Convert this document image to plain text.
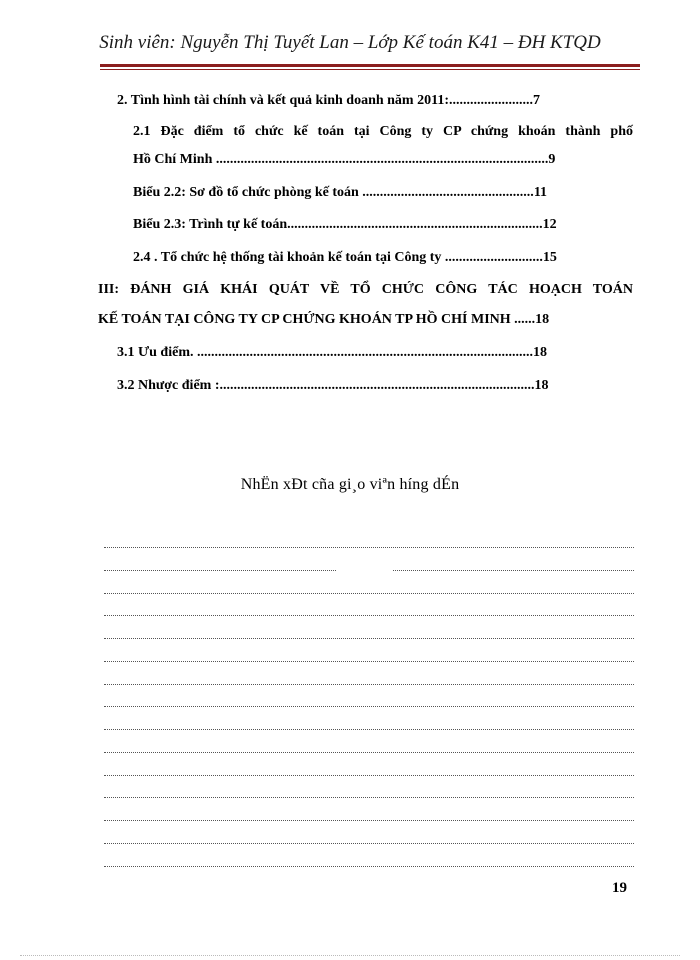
Sinh viên: Nguyễn Thị Tuyết Lan – Lớp Kế toán K41 – ĐH KTQD
2. Tình hình tài chính và kết quả kinh doanh năm 2011:........................7
2.1 Đặc điểm tổ chức kế toán tại Công ty CP chứng khoán thành phố
Hồ Chí Minh ...............................................................................................9
Biểu 2.2: Sơ đồ tổ chức phòng kế toán .................................................11
Biểu 2.3: Trình tự kế toán.........................................................................12
2.4 . Tổ chức hệ thống tài khoản kế toán tại Công ty ............................15
III: ĐÁNH GIÁ KHÁI QUÁT VỀ TỔ CHỨC CÔNG TÁC HOẠCH TOÁN
KẾ TOÁN TẠI CÔNG TY CP CHỨNG KHOÁN TP HỒ CHÍ MINH ......18
3.1 Ưu điểm. ................................................................................................18
3.2 Nhược điểm :..........................................................................................18
NhËn xÐt cña gi¸o viªn híng dÉn
19
